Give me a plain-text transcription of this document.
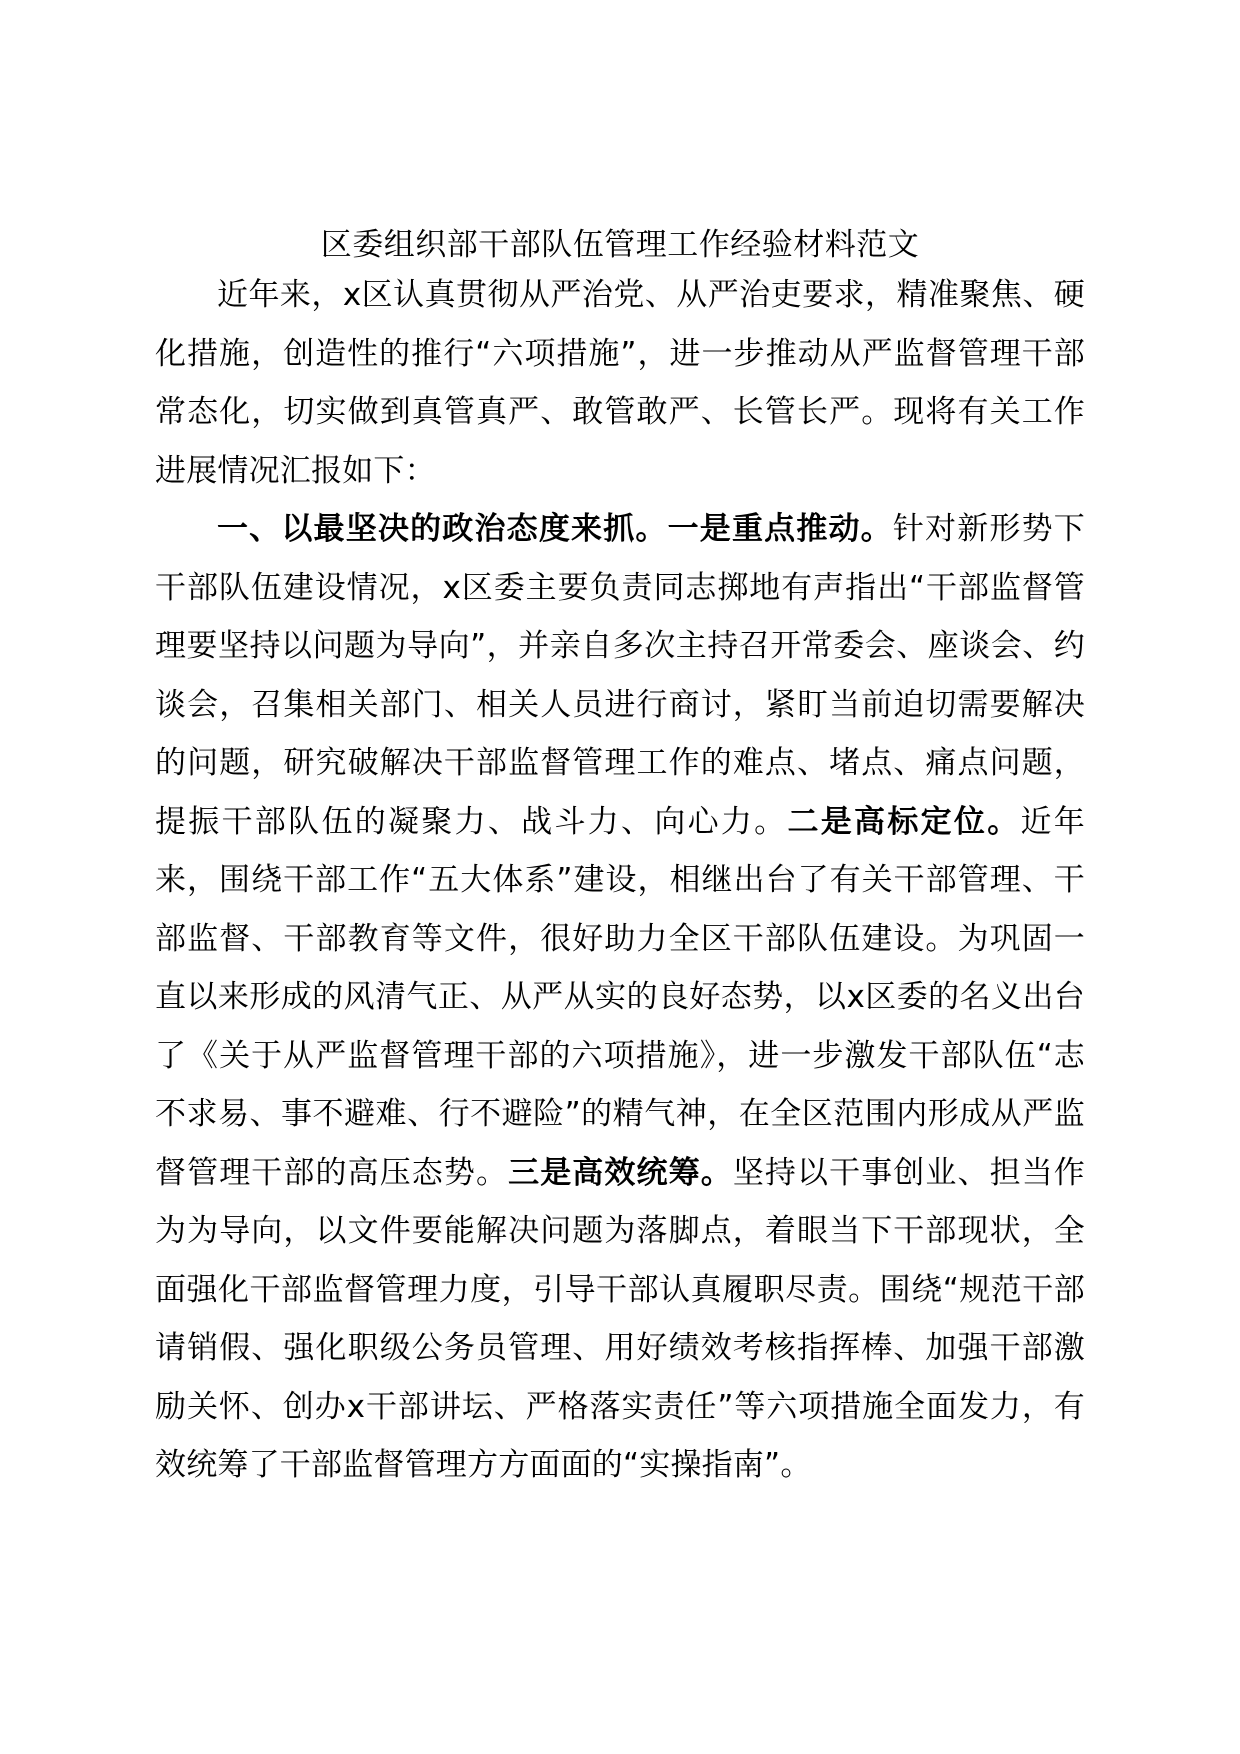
区委组织部干部队伍管理工作经验材料范文

近年来，x区认真贯彻从严治党、从严治吏要求，精准聚焦、硬化措施，创造性的推行“六项措施”，进一步推动从严监督管理干部常态化，切实做到真管真严、敢管敢严、长管长严。现将有关工作进展情况汇报如下：

一、以最坚决的政治态度来抓。一是重点推动。针对新形势下干部队伍建设情况，x区委主要负责同志掷地有声指出“干部监督管理要坚持以问题为导向”，并亲自多次主持召开常委会、座谈会、约谈会，召集相关部门、相关人员进行商讨，紧盯当前迫切需要解决的问题，研究破解决干部监督管理工作的难点、堵点、痛点问题，提振干部队伍的凝聚力、战斗力、向心力。二是高标定位。近年来，围绕干部工作“五大体系”建设，相继出台了有关干部管理、干部监督、干部教育等文件，很好助力全区干部队伍建设。为巩固一直以来形成的风清气正、从严从实的良好态势，以x区委的名义出台了《关于从严监督管理干部的六项措施》，进一步激发干部队伍“志不求易、事不避难、行不避险”的精气神，在全区范围内形成从严监督管理干部的高压态势。三是高效统筹。坚持以干事创业、担当作为为导向，以文件要能解决问题为落脚点，着眼当下干部现状，全面强化干部监督管理力度，引导干部认真履职尽责。围绕“规范干部请销假、强化职级公务员管理、用好绩效考核指挥棒、加强干部激励关怀、创办x干部讲坛、严格落实责任”等六项措施全面发力，有效统筹了干部监督管理方方面面的“实操指南”。
